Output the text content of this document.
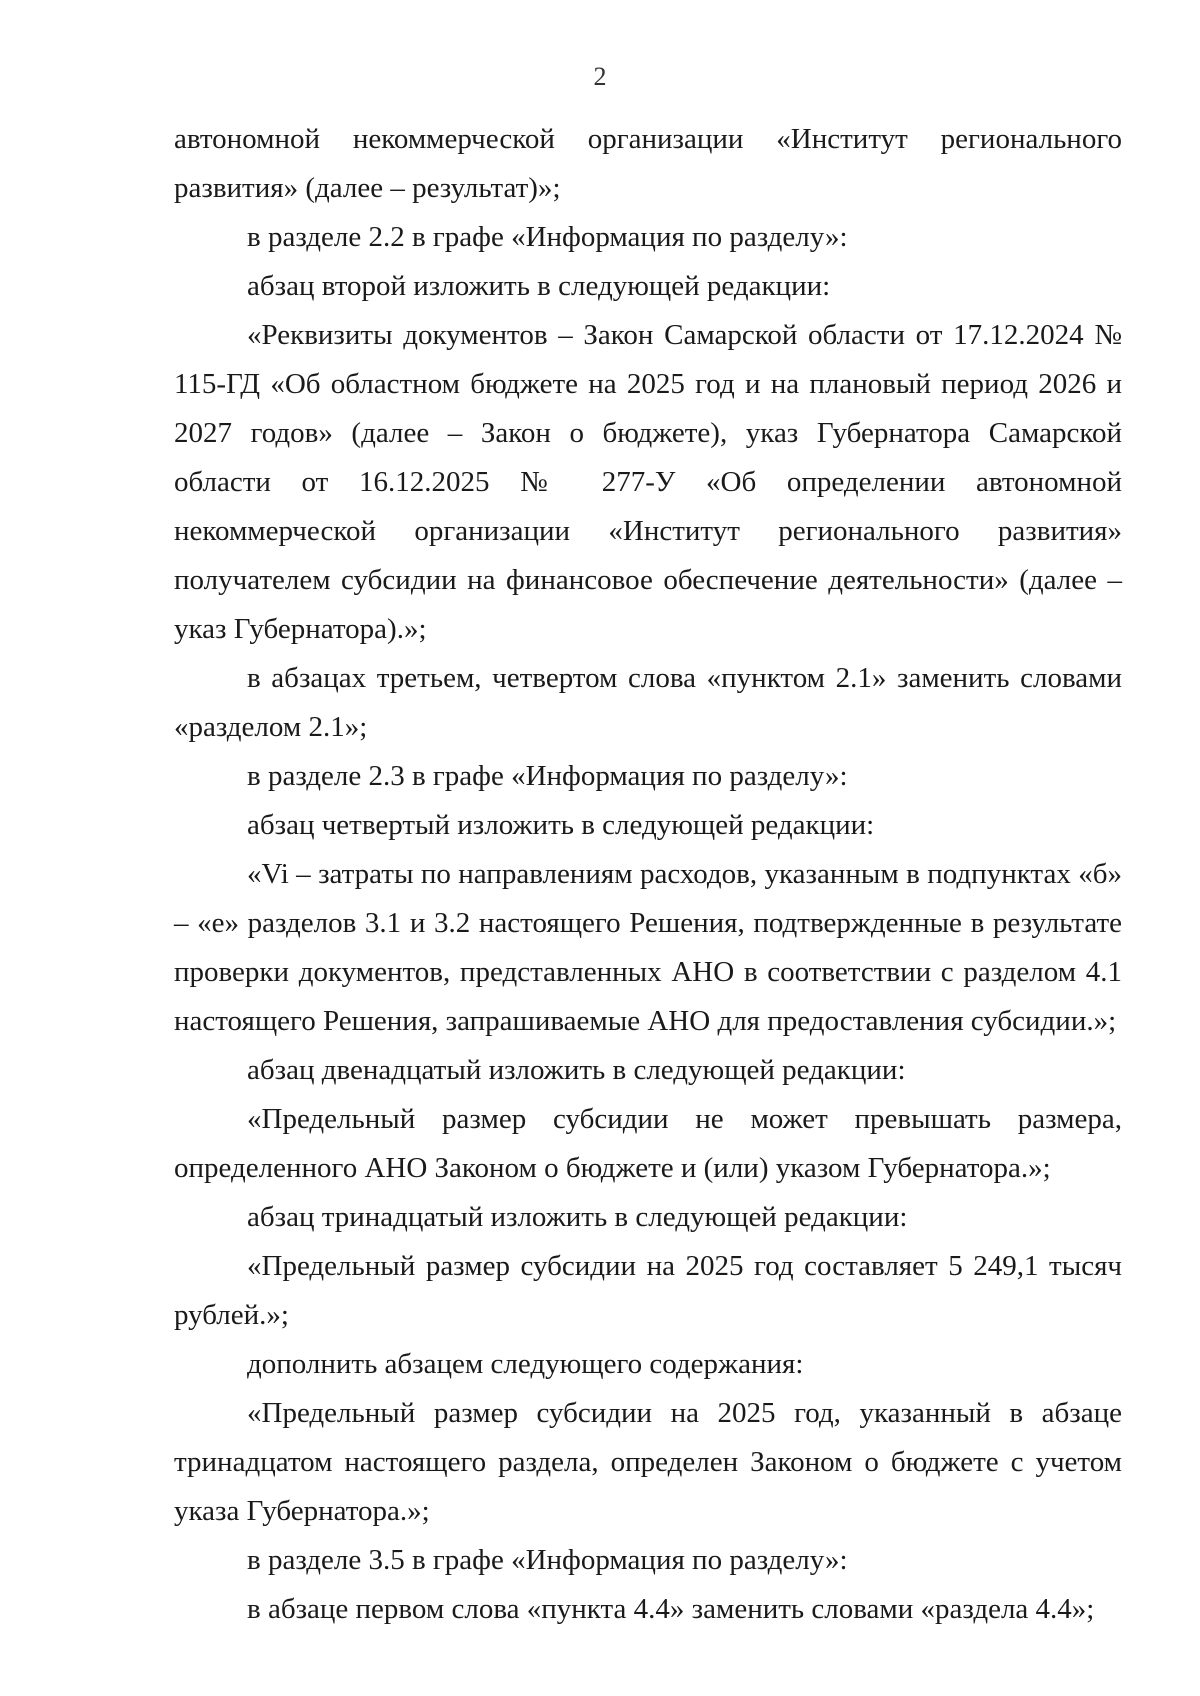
2

автономной некоммерческой организации «Институт регионального развития» (далее – результат)»;

в разделе 2.2 в графе «Информация по разделу»:

абзац второй изложить в следующей редакции:

«Реквизиты документов – Закон Самарской области от 17.12.2024 № 115-ГД «Об областном бюджете на 2025 год и на плановый период 2026 и 2027 годов» (далее – Закон о бюджете), указ Губернатора Самарской области от 16.12.2025 № 277-У «Об определении автономной некоммерческой организации «Институт регионального развития» получателем субсидии на финансовое обеспечение деятельности» (далее – указ Губернатора).»;

в абзацах третьем, четвертом слова «пунктом 2.1» заменить словами «разделом 2.1»;

в разделе 2.3 в графе «Информация по разделу»:

абзац четвертый изложить в следующей редакции:

«Vi – затраты по направлениям расходов, указанным в подпунктах «б» – «е» разделов 3.1 и 3.2 настоящего Решения, подтвержденные в результате проверки документов, представленных АНО в соответствии с разделом 4.1 настоящего Решения, запрашиваемые АНО для предоставления субсидии.»;

абзац двенадцатый изложить в следующей редакции:

«Предельный размер субсидии не может превышать размера, определенного АНО Законом о бюджете и (или) указом Губернатора.»;

абзац тринадцатый изложить в следующей редакции:

«Предельный размер субсидии на 2025 год составляет 5 249,1 тысяч рублей.»;

дополнить абзацем следующего содержания:

«Предельный размер субсидии на 2025 год, указанный в абзаце тринадцатом настоящего раздела, определен Законом о бюджете с учетом указа Губернатора.»;

в разделе 3.5 в графе «Информация по разделу»:

в абзаце первом слова «пункта 4.4» заменить словами «раздела 4.4»;
